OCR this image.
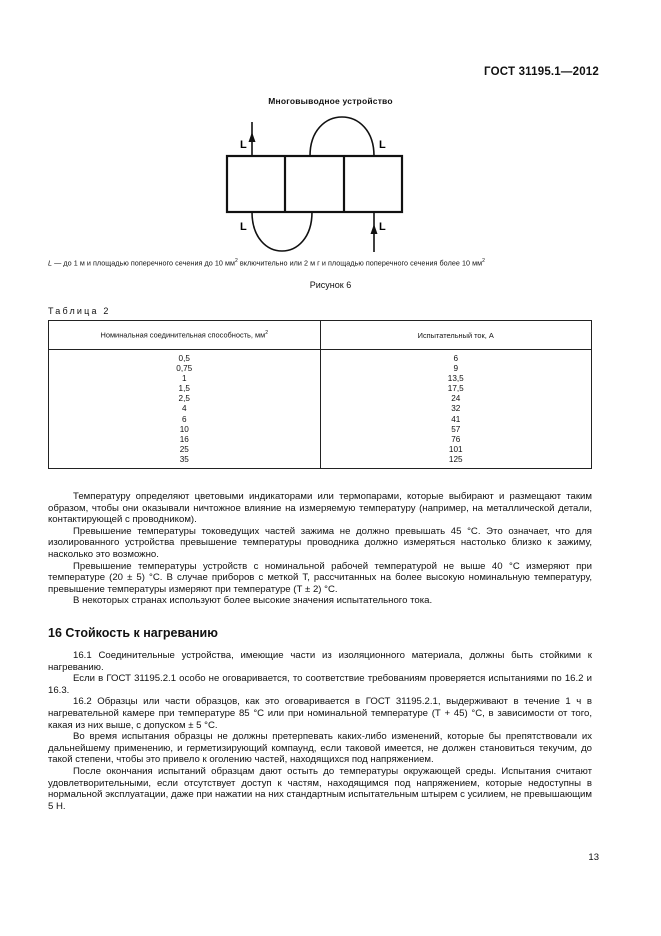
ГОСТ 31195.1—2012
Многовыводное устройство
L	L
L	L
L — до 1 м и площадью поперечного сечения до 10 $мм^2$ включительно или 2 м г и площадью поперечного сечения более 10 $мм^2$
Рисунок 6
Таблица 2
Номинальная соединительная способность, $мм^2$	Испытательный ток, А
0,5	6
0,75	9
1	13,5
1,5	17,5
2,5	24
4	32
6	41
10	57
16	76
25	101
35	125

Температуру определяют цветовыми индикаторами или термопарами, которые выбирают и размещают таким образом, чтобы они оказывали ничтожное влияние на измеряемую температуру (например, на металлической детали, контактирующей с проводником).

Превышение температуры токоведущих частей зажима не должно превышать 45 °С. Это означает, что для изолированного устройства превышение температуры проводника должно измеряться настолько близко к зажиму, насколько это возможно.

Превышение температуры устройств с номинальной рабочей температурой не выше 40 °С измеряют при температуре (20 ± 5) °С. В случае приборов с меткой Т, рассчитанных на более высокую номинальную температуру, превышение температуры измеряют при температуре (Т ± 2) °С.

В некоторых странах используют более высокие значения испытательного тока.

16 Стойкость к нагреванию

16.1 Соединительные устройства, имеющие части из изоляционного материала, должны быть стойкими к нагреванию.

Если в ГОСТ 31195.2.1 особо не оговаривается, то соответствие требованиям проверяется испытаниями по 16.2 и 16.3.

16.2 Образцы или части образцов, как это оговаривается в ГОСТ 31195.2.1, выдерживают в течение 1 ч в нагревательной камере при температуре 85 °С или при номинальной температуре (Т + 45) °С, в зависимости от того, какая из них выше, с допуском ± 5 °С.

Во время испытания образцы не должны претерпевать каких-либо изменений, которые бы препятствовали их дальнейшему применению, и герметизирующий компаунд, если таковой имеется, не должен становиться текучим, до такой степени, чтобы это привело к оголению частей, находящихся под напряжением.

После окончания испытаний образцам дают остыть до температуры окружающей среды. Испытания считают удовлетворительными, если отсутствует доступ к частям, находящимся под напряжением, которые недоступны в нормальной эксплуатации, даже при нажатии на них стандартным испытательным штырем с усилием, не превышающим 5 Н.

13
